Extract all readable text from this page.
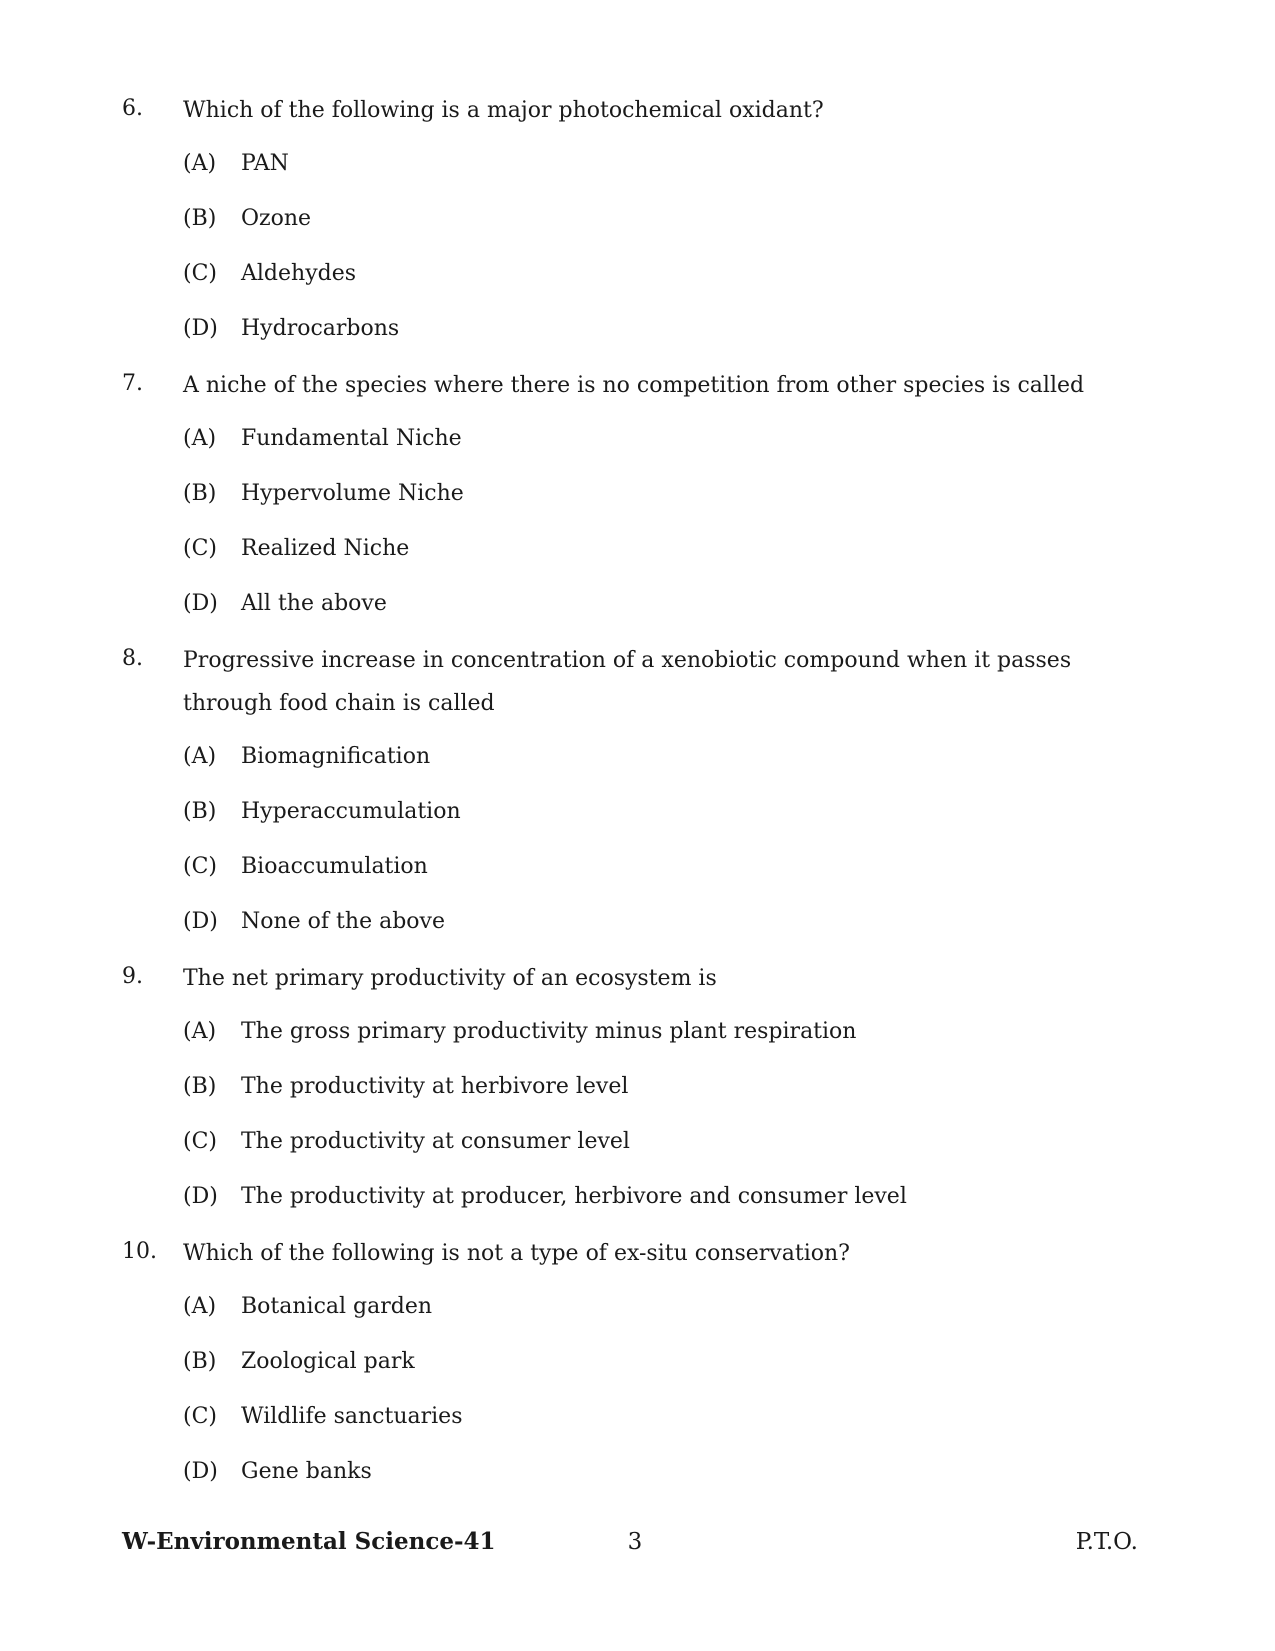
6.	Which of the following is a major photochemical oxidant?
(A)	PAN
(B)	Ozone
(C)	Aldehydes
(D)	Hydrocarbons
7.	A niche of the species where there is no competition from other species is called
(A)	Fundamental Niche
(B)	Hypervolume Niche
(C)	Realized Niche
(D)	All the above
8.	Progressive increase in concentration of a xenobiotic compound when it passes through food chain is called
(A)	Biomagnification
(B)	Hyperaccumulation
(C)	Bioaccumulation
(D)	None of the above
9.	The net primary productivity of an ecosystem is
(A)	The gross primary productivity minus plant respiration
(B)	The productivity at herbivore level
(C)	The productivity at consumer level
(D)	The productivity at producer, herbivore and consumer level
10.	Which of the following is not a type of ex-situ conservation?
(A)	Botanical garden
(B)	Zoological park
(C)	Wildlife sanctuaries
(D)	Gene banks
W-Environmental Science-41	3	P.T.O.
